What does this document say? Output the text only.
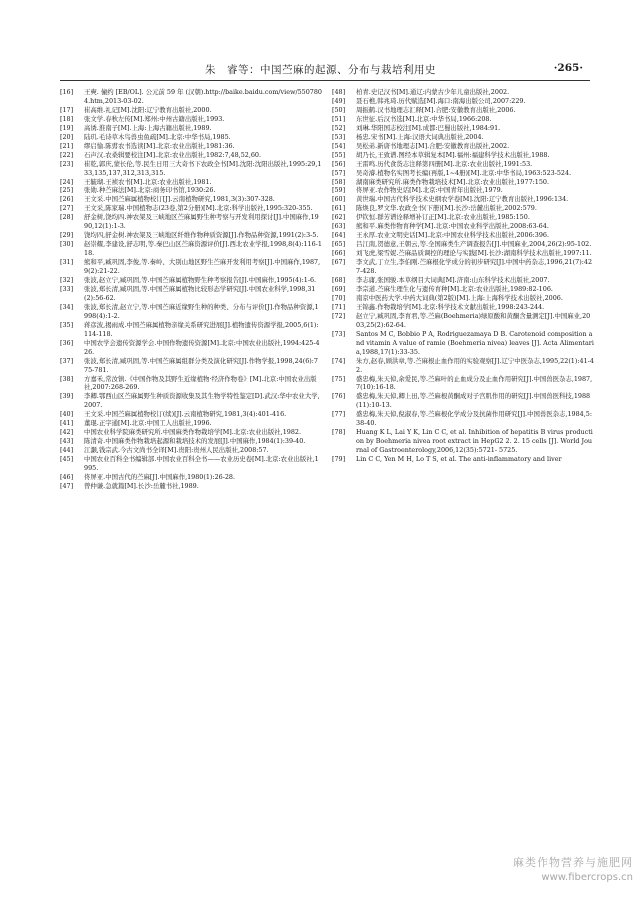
朱　睿等：中国苎麻的起源、分布与栽培利用史	·265·
[16]	王奭. 僮约 [EB/OL]. 公元前 59 年 (汉朝).http://baike.baidu.com/view/5507804.htm,2013-03-02.
[17]	崔高维.礼记[M].沈阳:辽宁教育出版社,2000.
[18]	张文学.春秋左传[M].郑州:中州古籍出版社,1993.
[19]	高诱.淮南子[M].上海:上海古籍出版社,1989.
[20]	陆玑.毛诗草木鸟兽虫鱼疏[M].北京:中华书局,1985.
[21]	缪启愉.陈旉农书选读[M].北京:农业出版社,1981:36.
[22]	石声汉.农桑辑要校注[M].北京:农业出版社,1982:7,48,52,60.
[23]	崔乾,郭庆,蒙长伦,等.民生日用三大奇书下农政全书[M].沈阳:沈阳出版社,1995:29,133,135,137,312,313,315.
[24]	王毓瑚.王祯农书[M].北京:农业出版社,1981.
[25]	张勋.种苎麻法[M].北京:商务印书馆,1930:26.
[26]	王文采.中国苎麻属植物校订[J].云南植物研究,1981,3(3):307-328.
[27]	王文采,陈家瑞.中国植物志(23卷,第2分册)[M].北京:科学出版社,1995:320-355.
[28]	舒金树,饶均四.神农架及三峡地区苎麻属野生种考察与开发利用探讨[J].中国麻作,1990,12(1):1-3.
[29]	饶均四,舒金树.神农架及三峡地区纤维作物种质资源[J].作物品种资源,1991(2):3-5.
[30]	赵崇耀,李建设,舒志明,等.秦巴山区苎麻资源评价[J].西北农业学报,1998,8(4):116-118.
[31]	熊和平,臧巩固,李俊,等.秦岭、大别山地区野生苎麻开发利用考察[J].中国麻作,1987,9(2):21-22.
[32]	张波,赵立宁,臧巩固,等.中国苎麻属植物野生种考察报告[J].中国麻作,1995(4):1-6.
[33]	张波,郑长清,臧巩固,等.中国苎麻属植物比较形态学研究[J].中国农业科学,1998,31(2):56-62.
[34]	张波,郑长清,赵立宁,等.中国苎麻近缘野生种的种类、分布与评价[J].作物品种资源,1998(4):1-2.
[35]	蒋彦波,揭雨成.中国苎麻属植物亲缘关系研究进展[J].植物遗传资源学报,2005,6(1):114-118.
[36]	中国农学会遗传资源学会.中国作物遗传资源[M].北京:中国农业出版社,1994:425-426.
[37]	张波,郑长清,臧巩固,等.中国苎麻属组群分类及演化研究[J].作物学报,1998,24(6):775-781.
[38]	方嘉禾,常汝镇.《中国作物及其野生近缘植物·经济作物卷》[M].北京:中国农业出版社,2007:268-269.
[39]	李卿.鄂西山区苎麻属野生种质资源收集及其生物学特性鉴定[D].武汉:华中农业大学,2007.
[40]	王文采.中国苎麻属植物校订(续)[J].云南植物研究,1981,3(4):401-416.
[41]	董琨.正字通[M].北京:中国工人出版社,1996.
[42]	中国农业科学院麻类研究所.中国麻类作物栽培学[M].北京:农业出版社,1982.
[43]	陈清奇.中国麻类作物栽培起源和栽培技术的发展[J].中国麻作,1984(1):39-40.
[44]	江灏,钱宗武.今古文尚书全译[M].贵阳:贵州人民出版社,2008:57.
[45]	中国农业百科全书编辑部.中国农业百科全书——农业历史卷[M].北京:农业出版社,1995.
[46]	佟屏亚.中国古代的苎麻[J].中国麻作,1980(1):26-28.
[47]	曾仲谦.急就篇[M].长沙:岳麓书社,1989.
[48]	柏青.史记汉书[M].通辽:内蒙古少年儿童出版社,2002.
[49]	聂石樵,韩兆琦.历代赋选[M].海口:南海出版公司,2007:229.
[50]	周振鹤.汉书地理志汇释[M].合肥:安徽教育出版社,2006.
[51]	东世征.后汉书选[M].北京:中华书局,1966:208.
[52]	刘琳.华阳国志校注[M].成都:巴蜀出版社,1984:91.
[53]	杨忠.宋书[M].上海:汉语大词典出版社,2004.
[54]	吴松弟.新唐书地理志[M].合肥:安徽教育出版社,2002.
[55]	胡乃长,王致谱.图经本草辑复本[M].福州:福建科学技术出版社,1988.
[56]	王雷鸣.历代食货志注释第四册[M].北京:农业出版社,1991:53.
[57]	吴奇濬.植物名实图考长编(再版,1~4册)[M].北京:中华书局,1963:523-524.
[58]	湖南麻类研究所.麻类作物栽培技术[M].北京:农业出版社,1977:150.
[59]	佟屏亚.农作物史话[M].北京:中国青年出版社,1979.
[60]	黄世瑞.中国古代科学技术史纲农学卷[M].沈阳:辽宁教育出版社,1996:134.
[61]	陈焕良,罗文华.农政全书(下册)[M].长沙:岳麓出版社,2002:579.
[62]	伊钦恒.群芳谱诠释增补订正[M].北京:农业出版社,1985:150.
[63]	熊和平.麻类作物育种学[M].北京:中国农业科学出版社,2008:63-64.
[64]	王永厚.农业文明史话[M].北京:中国农业科学技术出版社,2006:396.
[65]	吕江南,贺德意,王朝云,等.全国麻类生产调查报告[J].中国麻业,2004,26(2):95-102.
[66]	刘飞虎,梁雪妮.苎麻品质调控的理论与实践[M].长沙:湖南科学技术出版社,1997:11.
[67]	李文武,丁立生,李伯刚.苎麻根化学成分的初步研究[J].中国中药杂志,1996,21(7):427-428.
[68]	李志庸,张国骏.本草纲目大词典[M].济南:山东科学技术出版社,2007.
[69]	李宗道.苎麻生理生化与遗传育种[M].北京:农业出版社,1989:82-106.
[70]	南京中医药大学.中药大词典(第2版)[M].上海:上海科学技术出版社,2006.
[71]	王锦鑫.作物栽培学[M].北京:科学技术文献出版社,1998:243-244.
[72]	赵立宁,臧巩固,李育君,等.苎麻(Boehmeria)绿原酸和黄酮含量测定[J].中国麻业,2003,25(2):62-64.
[73]	Santos M C, Bobbio P A, Rodriguezamaya D B. Carotenoid composition and vitamin A value of ramie (Boehmeria nivea) leaves [J]. Acta Alimentaria,1988,17(1):33-35.
[74]	朱方,赵春,顾洪章,等.苎麻根止血作用的实验观察[J].辽宁中医杂志,1995,22(1):41-42.
[75]	盛忠梅,朱天倬,余爱民,等.苎麻叶的止血成分及止血作用研究[J].中国兽医杂志,1987,7(10):16-18.
[76]	盛忠梅,朱天倬,卿上田,等.苎麻根黄酮成对子宫肌作用的研究[J].中国兽医科技,1988(11):10-13.
[77]	盛忠梅,朱天倬,倪淑春,等.苎麻根化学成分及抗菌作用研究[J].中国兽医杂志,1984,5:38-40.
[78]	Huang K L, Lai Y K, Lin C C, et al. Inhibition of hepatitis B virus production by Boehmeria nivea root extract in HepG2 2. 2. 15 cells [J]. World Journal of Gastroenterology,2006,12(35):5721- 5725.
[79]	Lin C C, Yen M H, Lo T S, et al. The anti-inflammatory and liver
麻类作物营养与施肥网
www.fibercrops.cn
